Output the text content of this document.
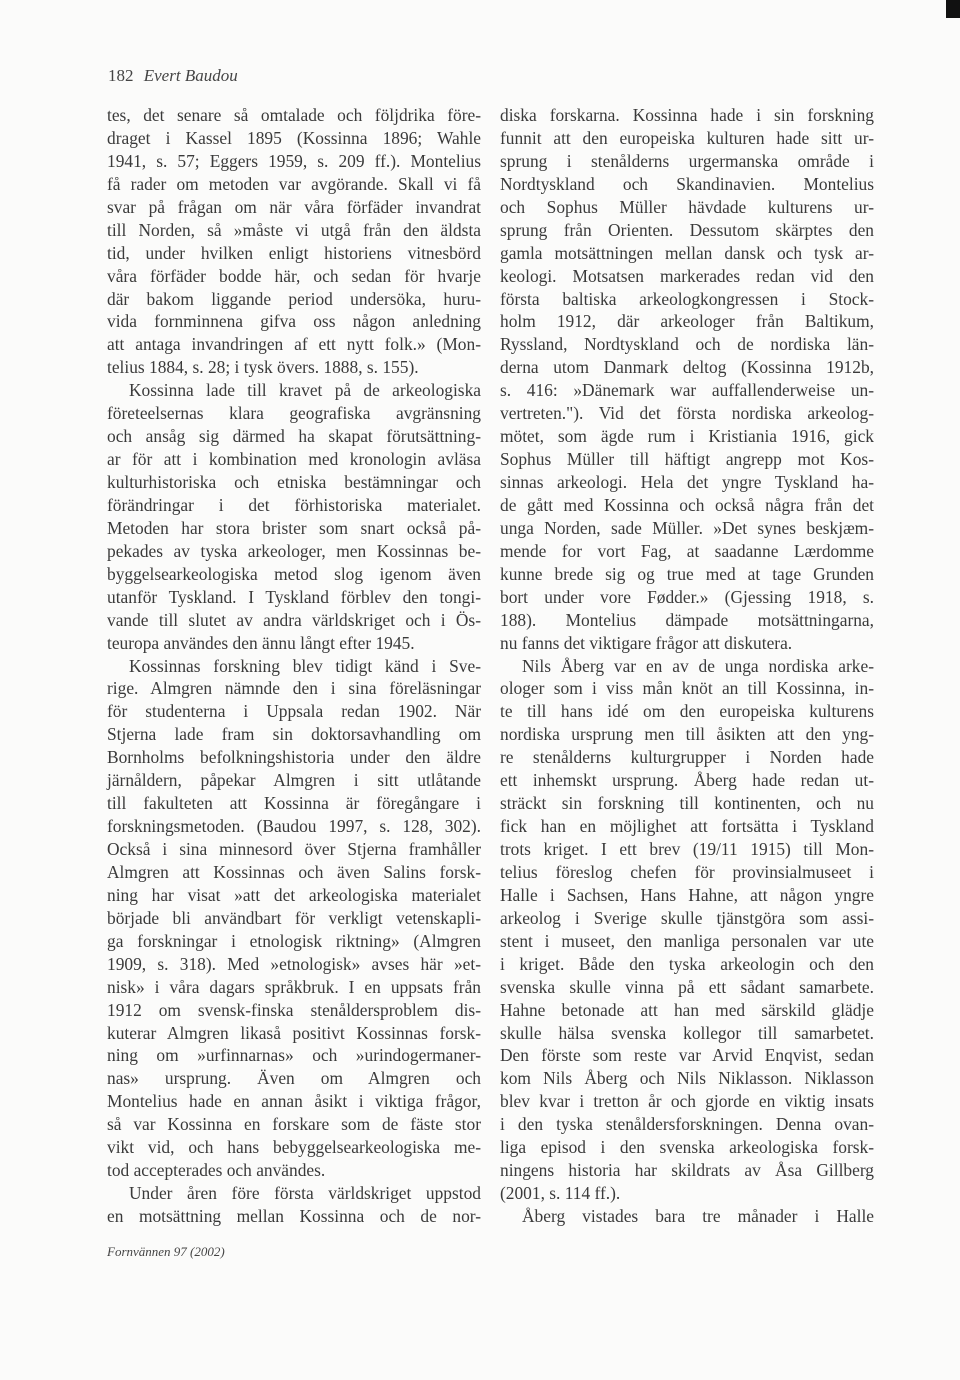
182 Evert Baudou
tes, det senare så omtalade och följdrika före-
draget i Kassel 1895 (Kossinna 1896; Wahle
1941, s. 57; Eggers 1959, s. 209 ff.). Montelius
få rader om metoden var avgörande. Skall vi få
svar på frågan om när våra förfäder invandrat
till Norden, så »måste vi utgå från den äldsta
tid, under hvilken enligt historiens vitnesbörd
våra förfäder bodde här, och sedan för hvarje
där bakom liggande period undersöka, huru-
vida fornminnena gifva oss någon anledning
att antaga invandringen af ett nytt folk.» (Mon-
telius 1884, s. 28; i tysk övers. 1888, s. 155).
Kossinna lade till kravet på de arkeologiska
företeelsernas klara geografiska avgränsning
och ansåg sig därmed ha skapat förutsättning-
ar för att i kombination med kronologin avläsa
kulturhistoriska och etniska bestämningar och
förändringar i det förhistoriska materialet.
Metoden har stora brister som snart också på-
pekades av tyska arkeologer, men Kossinnas be-
byggelsearkeologiska metod slog igenom även
utanför Tyskland. I Tyskland förblev den tongi-
vande till slutet av andra världskriget och i Ös-
teuropa användes den ännu långt efter 1945.
Kossinnas forskning blev tidigt känd i Sve-
rige. Almgren nämnde den i sina föreläsningar
för studenterna i Uppsala redan 1902. När
Stjerna lade fram sin doktorsavhandling om
Bornholms befolkningshistoria under den äldre
järnåldern, påpekar Almgren i sitt utlåtande
till fakulteten att Kossinna är föregångare i
forskningsmetoden. (Baudou 1997, s. 128, 302).
Också i sina minnesord över Stjerna framhåller
Almgren att Kossinnas och även Salins forsk-
ning har visat »att det arkeologiska materialet
började bli användbart för verkligt vetenskapli-
ga forskningar i etnologisk riktning» (Almgren
1909, s. 318). Med »etnologisk» avses här »et-
nisk» i våra dagars språkbruk. I en uppsats från
1912 om svensk-finska stenåldersproblem dis-
kuterar Almgren likaså positivt Kossinnas forsk-
ning om »urfinnarnas» och »urindogermaner-
nas» ursprung. Även om Almgren och
Montelius hade en annan åsikt i viktiga frågor,
så var Kossinna en forskare som de fäste stor
vikt vid, och hans bebyggelsearkeologiska me-
tod accepterades och användes.
Under åren före första världskriget uppstod
en motsättning mellan Kossinna och de nor-
diska forskarna. Kossinna hade i sin forskning
funnit att den europeiska kulturen hade sitt ur-
sprung i stenålderns urgermanska område i
Nordtyskland och Skandinavien. Montelius
och Sophus Müller hävdade kulturens ur-
sprung från Orienten. Dessutom skärptes den
gamla motsättningen mellan dansk och tysk ar-
keologi. Motsatsen markerades redan vid den
första baltiska arkeologkongressen i Stock-
holm 1912, där arkeologer från Baltikum,
Ryssland, Nordtyskland och de nordiska län-
derna utom Danmark deltog (Kossinna 1912b,
s. 416: »Dänemark war auffallenderweise un-
vertreten."). Vid det första nordiska arkeolog-
mötet, som ägde rum i Kristiania 1916, gick
Sophus Müller till häftigt angrepp mot Kos-
sinnas arkeologi. Hela det yngre Tyskland ha-
de gått med Kossinna och också några från det
unga Norden, sade Müller. »Det synes beskjæm-
mende for vort Fag, at saadanne Lærdomme
kunne brede sig og true med at tage Grunden
bort under vore Fødder.» (Gjessing 1918, s.
188). Montelius dämpade motsättningarna,
nu fanns det viktigare frågor att diskutera.
Nils Åberg var en av de unga nordiska arke-
ologer som i viss mån knöt an till Kossinna, in-
te till hans idé om den europeiska kulturens
nordiska ursprung men till åsikten att den yng-
re stenålderns kulturgrupper i Norden hade
ett inhemskt ursprung. Åberg hade redan ut-
sträckt sin forskning till kontinenten, och nu
fick han en möjlighet att fortsätta i Tyskland
trots kriget. I ett brev (19/11 1915) till Mon-
telius föreslog chefen för provinsialmuseet i
Halle i Sachsen, Hans Hahne, att någon yngre
arkeolog i Sverige skulle tjänstgöra som assi-
stent i museet, den manliga personalen var ute
i kriget. Både den tyska arkeologin och den
svenska skulle vinna på ett sådant samarbete.
Hahne betonade att han med särskild glädje
skulle hälsa svenska kollegor till samarbetet.
Den förste som reste var Arvid Enqvist, sedan
kom Nils Åberg och Nils Niklasson. Niklasson
blev kvar i tretton år och gjorde en viktig insats
i den tyska stenåldersforskningen. Denna ovan-
liga episod i den svenska arkeologiska forsk-
ningens historia har skildrats av Åsa Gillberg
(2001, s. 114 ff.).
Åberg vistades bara tre månader i Halle
Fornvännen 97 (2002)
